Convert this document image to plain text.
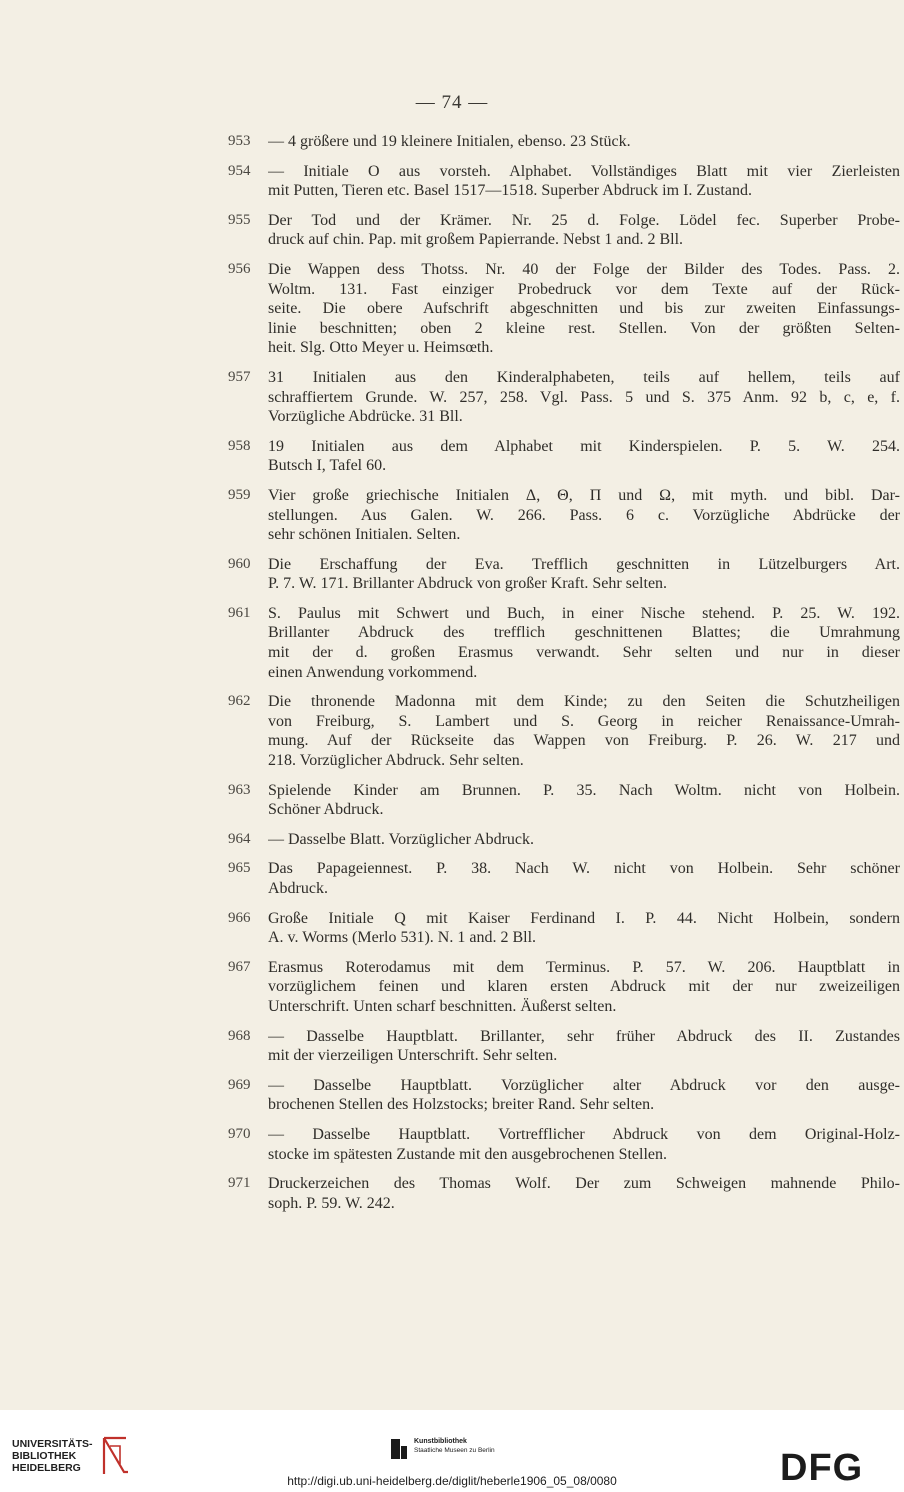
— 74 —
953	— 4 größere und 19 kleinere Initialen, ebenso. 23 Stück.
954	— Initiale O aus vorsteh. Alphabet. Vollständiges Blatt mit vier Zierleisten
mit Putten, Tieren etc. Basel 1517—1518. Superber Abdruck im I. Zustand.
955	Der Tod und der Krämer. Nr. 25 d. Folge. Lödel fec. Superber Probe-
druck auf chin. Pap. mit großem Papierrande. Nebst 1 and. 2 Bll.
956	Die Wappen dess Thotss. Nr. 40 der Folge der Bilder des Todes. Pass. 2.
Woltm. 131. Fast einziger Probedruck vor dem Texte auf der Rück-
seite. Die obere Aufschrift abgeschnitten und bis zur zweiten Einfassungs-
linie beschnitten; oben 2 kleine rest. Stellen. Von der größten Selten-
heit. Slg. Otto Meyer u. Heimsœth.
957	31 Initialen aus den Kinderalphabeten, teils auf hellem, teils auf
schraffiertem Grunde. W. 257, 258. Vgl. Pass. 5 und S. 375 Anm. 92 b, c, e, f.
Vorzügliche Abdrücke. 31 Bll.
958	19 Initialen aus dem Alphabet mit Kinderspielen. P. 5. W. 254.
Butsch I, Tafel 60.
959	Vier große griechische Initialen Δ, Θ, Π und Ω, mit myth. und bibl. Dar-
stellungen. Aus Galen. W. 266. Pass. 6 c. Vorzügliche Abdrücke der
sehr schönen Initialen. Selten.
960	Die Erschaffung der Eva. Trefflich geschnitten in Lützelburgers Art.
P. 7. W. 171. Brillanter Abdruck von großer Kraft. Sehr selten.
961	S. Paulus mit Schwert und Buch, in einer Nische stehend. P. 25. W. 192.
Brillanter Abdruck des trefflich geschnittenen Blattes; die Umrahmung
mit der d. großen Erasmus verwandt. Sehr selten und nur in dieser
einen Anwendung vorkommend.
962	Die thronende Madonna mit dem Kinde; zu den Seiten die Schutzheiligen
von Freiburg, S. Lambert und S. Georg in reicher Renaissance-Umrah-
mung. Auf der Rückseite das Wappen von Freiburg. P. 26. W. 217 und
218. Vorzüglicher Abdruck. Sehr selten.
963	Spielende Kinder am Brunnen. P. 35. Nach Woltm. nicht von Holbein.
Schöner Abdruck.
964	— Dasselbe Blatt. Vorzüglicher Abdruck.
965	Das Papageiennest. P. 38. Nach W. nicht von Holbein. Sehr schöner
Abdruck.
966	Große Initiale Q mit Kaiser Ferdinand I. P. 44. Nicht Holbein, sondern
A. v. Worms (Merlo 531). N. 1 and. 2 Bll.
967	Erasmus Roterodamus mit dem Terminus. P. 57. W. 206. Hauptblatt in
vorzüglichem feinen und klaren ersten Abdruck mit der nur zweizeiligen
Unterschrift. Unten scharf beschnitten. Äußerst selten.
968	— Dasselbe Hauptblatt. Brillanter, sehr früher Abdruck des II. Zustandes
mit der vierzeiligen Unterschrift. Sehr selten.
969	— Dasselbe Hauptblatt. Vorzüglicher alter Abdruck vor den ausge-
brochenen Stellen des Holzstocks; breiter Rand. Sehr selten.
970	— Dasselbe Hauptblatt. Vortrefflicher Abdruck von dem Original-Holz-
stocke im spätesten Zustande mit den ausgebrochenen Stellen.
971	Druckerzeichen des Thomas Wolf. Der zum Schweigen mahnende Philo-
soph. P. 59. W. 242.
UNIVERSITÄTS-
BIBLIOTHEK
HEIDELBERG
Kunstbibliothek
Staatliche Museen zu Berlin	DFG
http://digi.ub.uni-heidelberg.de/diglit/heberle1906_05_08/0080
